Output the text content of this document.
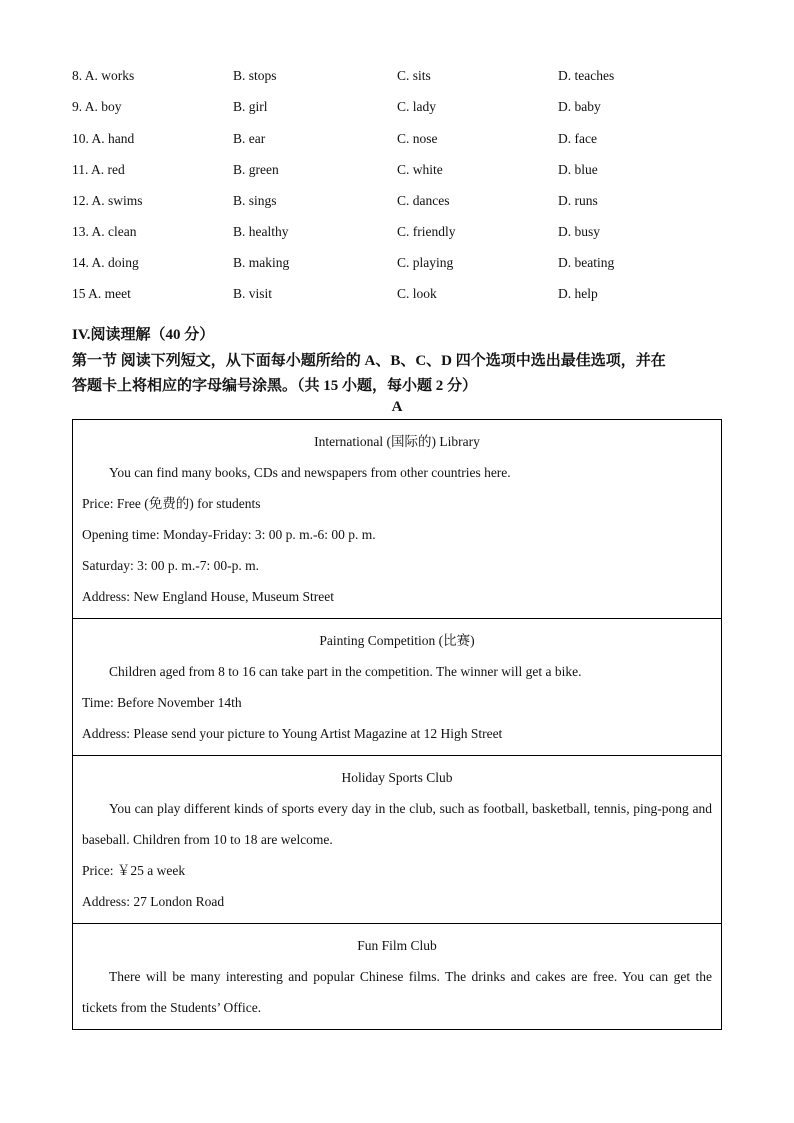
8. A. works	B. stops	C. sits	D. teaches
9. A. boy	B. girl	C. lady	D. baby
10. A. hand	B. ear	C. nose	D. face
11. A. red	B. green	C. white	D. blue
12. A. swims	B. sings	C. dances	D. runs
13. A. clean	B. healthy	C. friendly	D. busy
14. A. doing	B. making	C. playing	D. beating
15 A. meet	B. visit	C. look	D. help
IV.阅读理解（40 分）
第一节 阅读下列短文，从下面每小题所给的 A、B、C、D 四个选项中选出最佳选项，并在
答题卡上将相应的字母编号涂黑。（共 15 小题，每小题 2 分）
A
International (国际的) Library
You can find many books, CDs and newspapers from other countries here.
Price: Free (免费的) for students
Opening time: Monday-Friday: 3: 00 p. m.-6: 00 p. m.
Saturday: 3: 00 p. m.-7: 00-p. m.
Address: New England House, Museum Street
Painting Competition (比赛)
Children aged from 8 to 16 can take part in the competition. The winner will get a bike.
Time: Before November 14th
Address: Please send your picture to Young Artist Magazine at 12 High Street
Holiday Sports Club
You can play different kinds of sports every day in the club, such as football, basketball, tennis, ping-pong and baseball. Children from 10 to 18 are welcome.
Price: ￥25 a week
Address: 27 London Road
Fun Film Club
There will be many interesting and popular Chinese films. The drinks and cakes are free. You can get the tickets from the Students’ Office.
